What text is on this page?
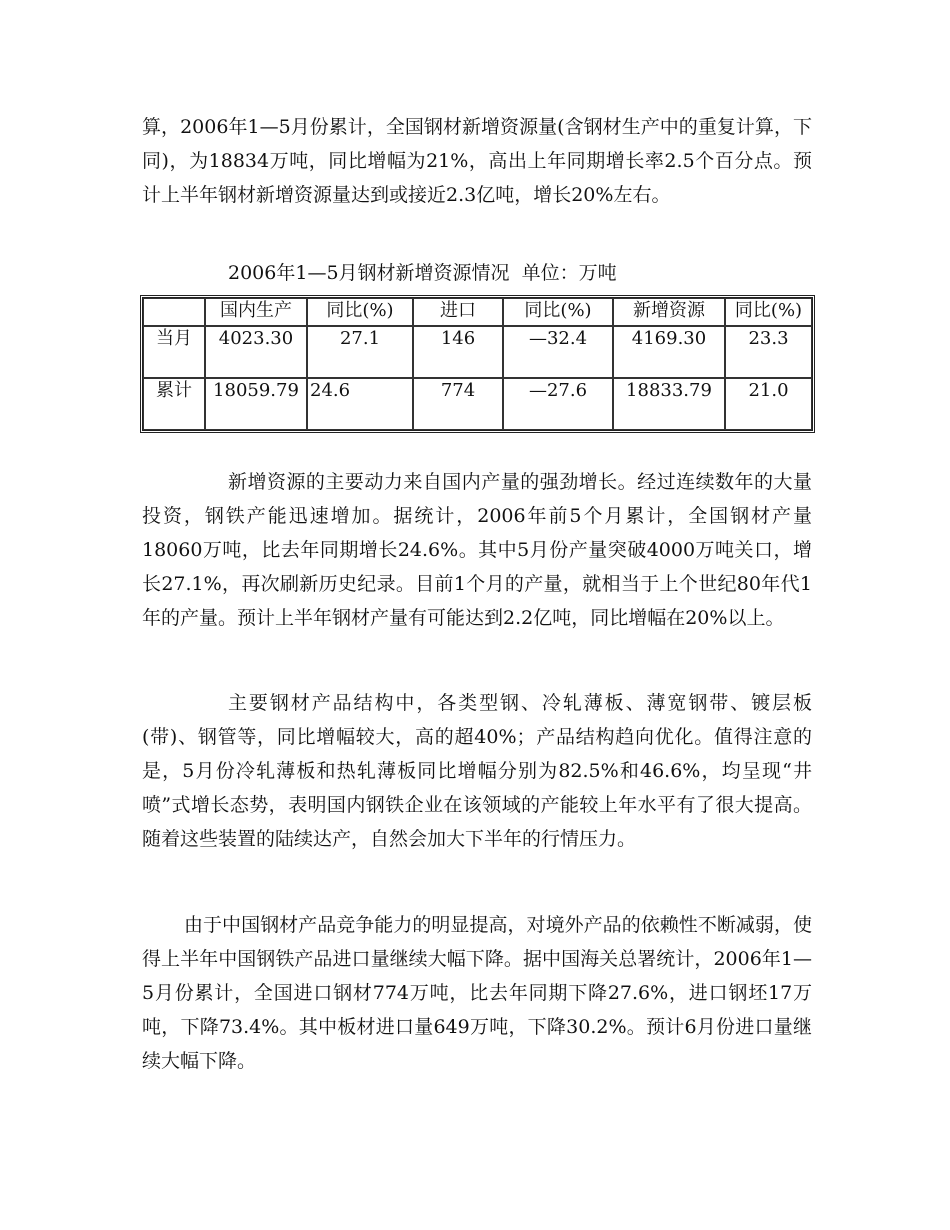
算，2006年1—5月份累计，全国钢材新增资源量(含钢材生产中的重复计算，下同)，为18834万吨，同比增幅为21%，高出上年同期增长率2.5个百分点。预计上半年钢材新增资源量达到或接近2.3亿吨，增长20%左右。

2006年1—5月钢材新增资源情况  单位：万吨
	国内生产	同比(%)	进口	同比(%)	新增资源	同比(%)
当月	4023.30	27.1	146	—32.4	4169.30	23.3
累计	18059.79	24.6	774	—27.6	18833.79	21.0

新增资源的主要动力来自国内产量的强劲增长。经过连续数年的大量投资，钢铁产能迅速增加。据统计，2006年前5个月累计，全国钢材产量18060万吨，比去年同期增长24.6%。其中5月份产量突破4000万吨关口，增长27.1%，再次刷新历史纪录。目前1个月的产量，就相当于上个世纪80年代1年的产量。预计上半年钢材产量有可能达到2.2亿吨，同比增幅在20%以上。

主要钢材产品结构中，各类型钢、冷轧薄板、薄宽钢带、镀层板(带)、钢管等，同比增幅较大，高的超40%；产品结构趋向优化。值得注意的是，5月份冷轧薄板和热轧薄板同比增幅分别为82.5%和46.6%，均呈现“井喷”式增长态势，表明国内钢铁企业在该领域的产能较上年水平有了很大提高。随着这些装置的陆续达产，自然会加大下半年的行情压力。

由于中国钢材产品竞争能力的明显提高，对境外产品的依赖性不断减弱，使得上半年中国钢铁产品进口量继续大幅下降。据中国海关总署统计，2006年1—5月份累计，全国进口钢材774万吨，比去年同期下降27.6%，进口钢坯17万吨，下降73.4%。其中板材进口量649万吨，下降30.2%。预计6月份进口量继续大幅下降。
